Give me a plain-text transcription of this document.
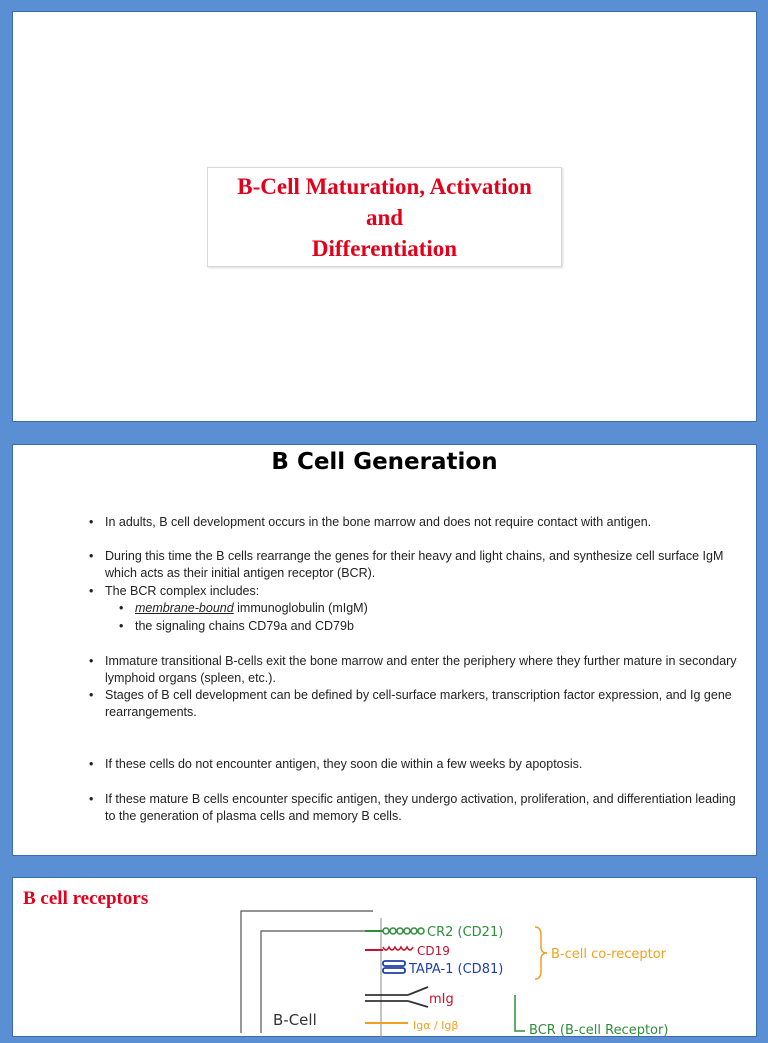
B-Cell Maturation, Activation
and
Differentiation
B Cell Generation
• In adults, B cell development occurs in the bone marrow and does not require contact with antigen.
• During this time the B cells rearrange the genes for their heavy and light chains, and synthesize cell surface IgM which acts as their initial antigen receptor (BCR).
• The BCR complex includes:
• membrane-bound immunoglobulin (mIgM)
• the signaling chains CD79a and CD79b
• Immature transitional B-cells exit the bone marrow and enter the periphery where they further mature in secondary lymphoid organs (spleen, etc.).
• Stages of B cell development can be defined by cell-surface markers, transcription factor expression, and Ig gene rearrangements.
• If these cells do not encounter antigen, they soon die within a few weeks by apoptosis.
• If these mature B cells encounter specific antigen, they undergo activation, proliferation, and differentiation leading to the generation of plasma cells and memory B cells.
B cell receptors
CR2 (CD21)
CD19
TAPA-1 (CD81)
B-cell co-receptor
mIg
B-Cell	Igα / Igβ	BCR (B-cell Receptor)
